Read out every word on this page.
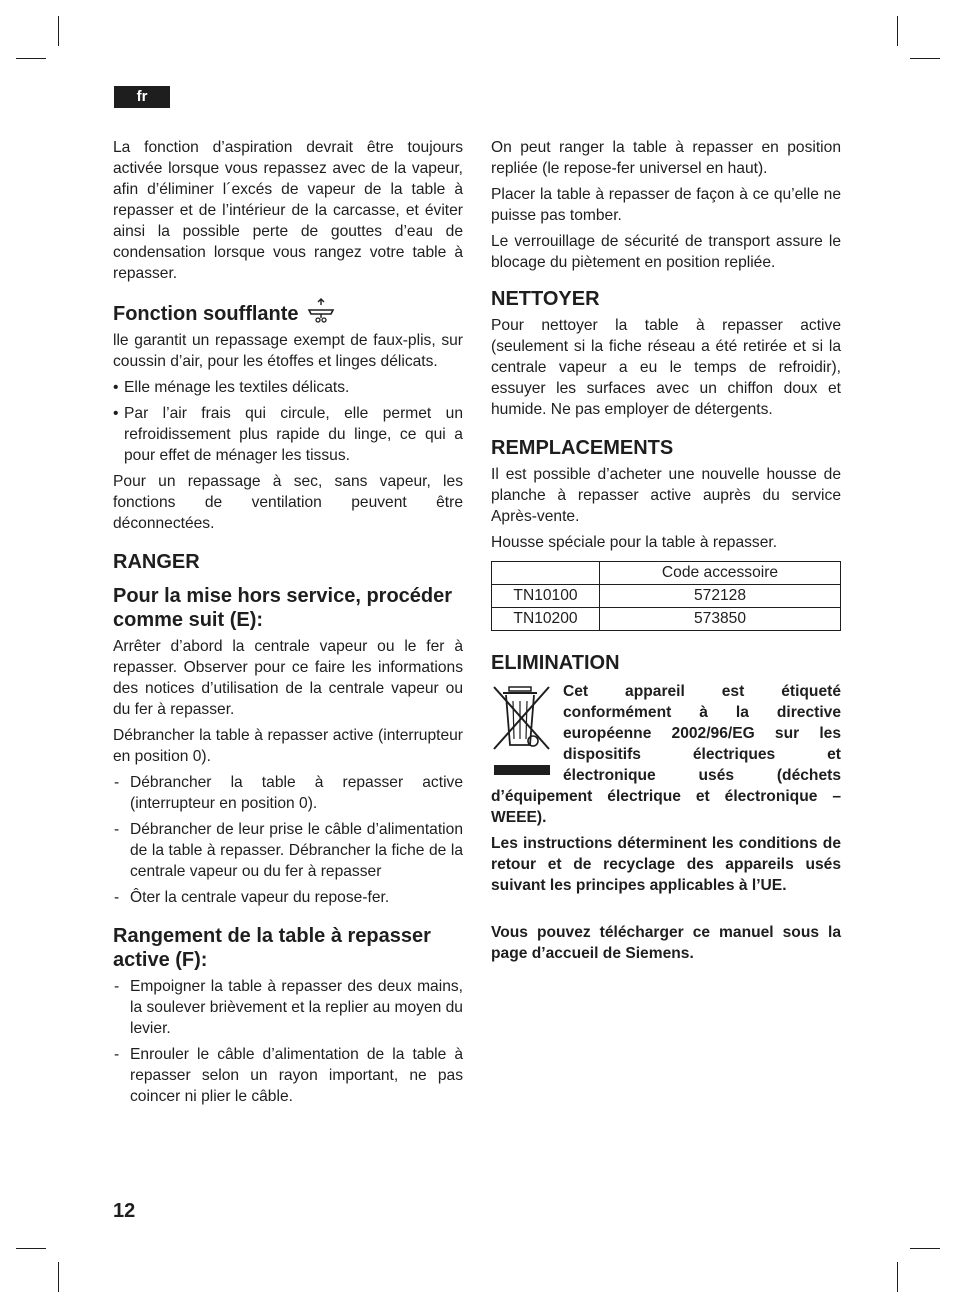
fr

La fonction d’aspiration devrait être toujours activée lorsque vous repassez avec de la vapeur, afin d’éliminer l´excés de vapeur de la table à repasser et de l’intérieur de la carcasse, et éviter ainsi la possible perte de gouttes d’eau de condensation lorsque vous rangez votre table à repasser.

Fonction soufflante

lle garantit un repassage exempt de faux-plis, sur coussin d’air, pour les étoffes et linges délicats.

• Elle ménage les textiles délicats.
• Par l’air frais qui circule, elle permet un refroidissement plus rapide du linge, ce qui a pour effet de ménager les tissus.

Pour un repassage à sec, sans vapeur, les fonctions de ventilation peuvent être déconnectées.

RANGER
Pour la mise hors service, procéder comme suit (E):

Arrêter d’abord la centrale vapeur ou le fer à repasser. Observer pour ce faire les informations des notices d’utilisation de la centrale vapeur ou du fer à repasser.

Débrancher la table à repasser active (interrupteur en position 0).

- Débrancher la table à repasser active (interrupteur en position 0).
- Débrancher de leur prise le câble d’alimentation de la table à repasser. Débrancher la fiche de la centrale vapeur ou du fer à repasser
- Ôter la centrale vapeur du repose-fer.
Rangement de la table à repasser active (F):
- Empoigner la table à repasser des deux mains, la soulever brièvement et la replier au moyen du levier.
- Enrouler le câble d’alimentation de la table à repasser selon un rayon important, ne pas coincer ni plier le câble.

On peut ranger la table à repasser en position repliée (le repose-fer universel en haut).

Placer la table à repasser de façon à ce qu’elle ne puisse pas tomber.

Le verrouillage de sécurité de transport assure le blocage du piètement en position repliée.

NETTOYER

Pour nettoyer la table à repasser active (seulement si la fiche réseau a été retirée et si la centrale vapeur a eu le temps de refroidir), essuyer les surfaces avec un chiffon doux et humide. Ne pas employer de détergents.

REMPLACEMENTS

Il est possible d’acheter une nouvelle housse de planche à repasser active auprès du service Après-vente.

Housse spéciale pour la table à repasser.

	Code accessoire
TN10100	572128
TN10200	573850
ELIMINATION

Cet appareil est étiqueté conformément à la directive européenne 2002/96/EG sur les dispositifs électriques et électronique usés (déchets d’équipement électrique et électronique – WEEE).

Les instructions déterminent les conditions de retour et de recyclage des appareils usés suivant les principes applicables à l’UE.

Vous pouvez télécharger ce manuel sous la page d’accueil de Siemens.

12
